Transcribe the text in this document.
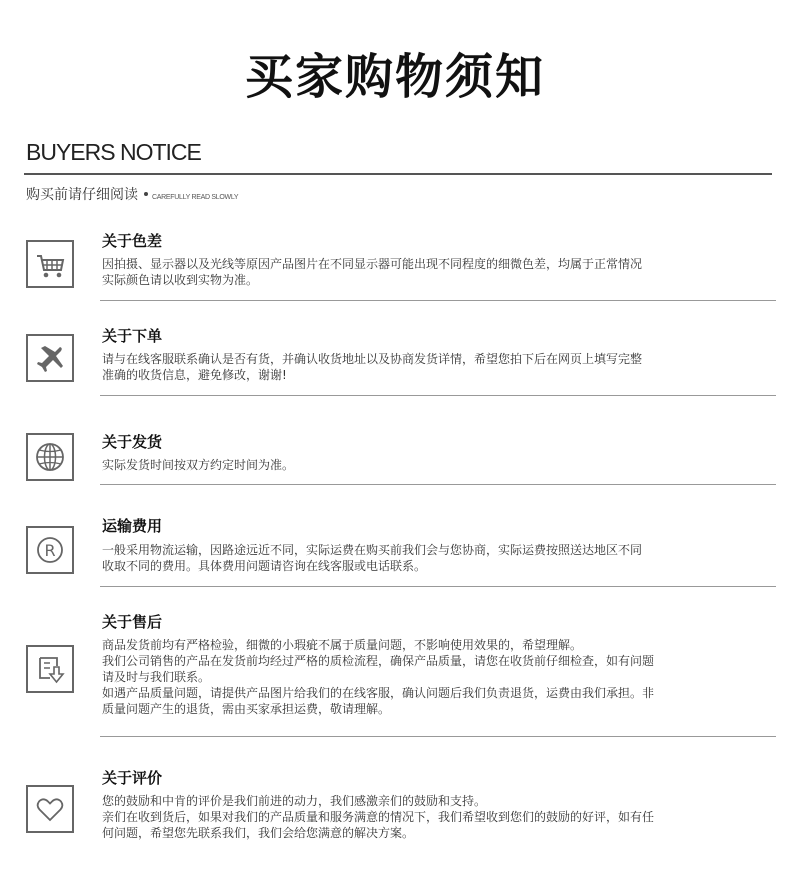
买家购物须知
BUYERS NOTICE
购买前请仔细阅读 CAREFULLY READ SLOWLY
关于色差
因拍摄、显示器以及光线等原因产品图片在不同显示器可能出现不同程度的细微色差，均属于正常情况
实际颜色请以收到实物为准。
关于下单
请与在线客服联系确认是否有货，并确认收货地址以及协商发货详情，希望您拍下后在网页上填写完整
准确的收货信息，避免修改，谢谢!
关于发货
实际发货时间按双方约定时间为准。
R
运输费用
一般采用物流运输，因路途远近不同，实际运费在购买前我们会与您协商，实际运费按照送达地区不同
收取不同的费用。具体费用问题请咨询在线客服或电话联系。
关于售后
商品发货前均有严格检验，细微的小瑕疵不属于质量问题，不影响使用效果的，希望理解。
我们公司销售的产品在发货前均经过严格的质检流程，确保产品质量，请您在收货前仔细检查，如有问题
请及时与我们联系。
如遇产品质量问题，请提供产品图片给我们的在线客服，确认问题后我们负责退货，运费由我们承担。非
质量问题产生的退货，需由买家承担运费，敬请理解。
关于评价
您的鼓励和中肯的评价是我们前进的动力，我们感激亲们的鼓励和支持。
亲们在收到货后，如果对我们的产品质量和服务满意的情况下，我们希望收到您们的鼓励的好评，如有任
何问题，希望您先联系我们，我们会给您满意的解决方案。
